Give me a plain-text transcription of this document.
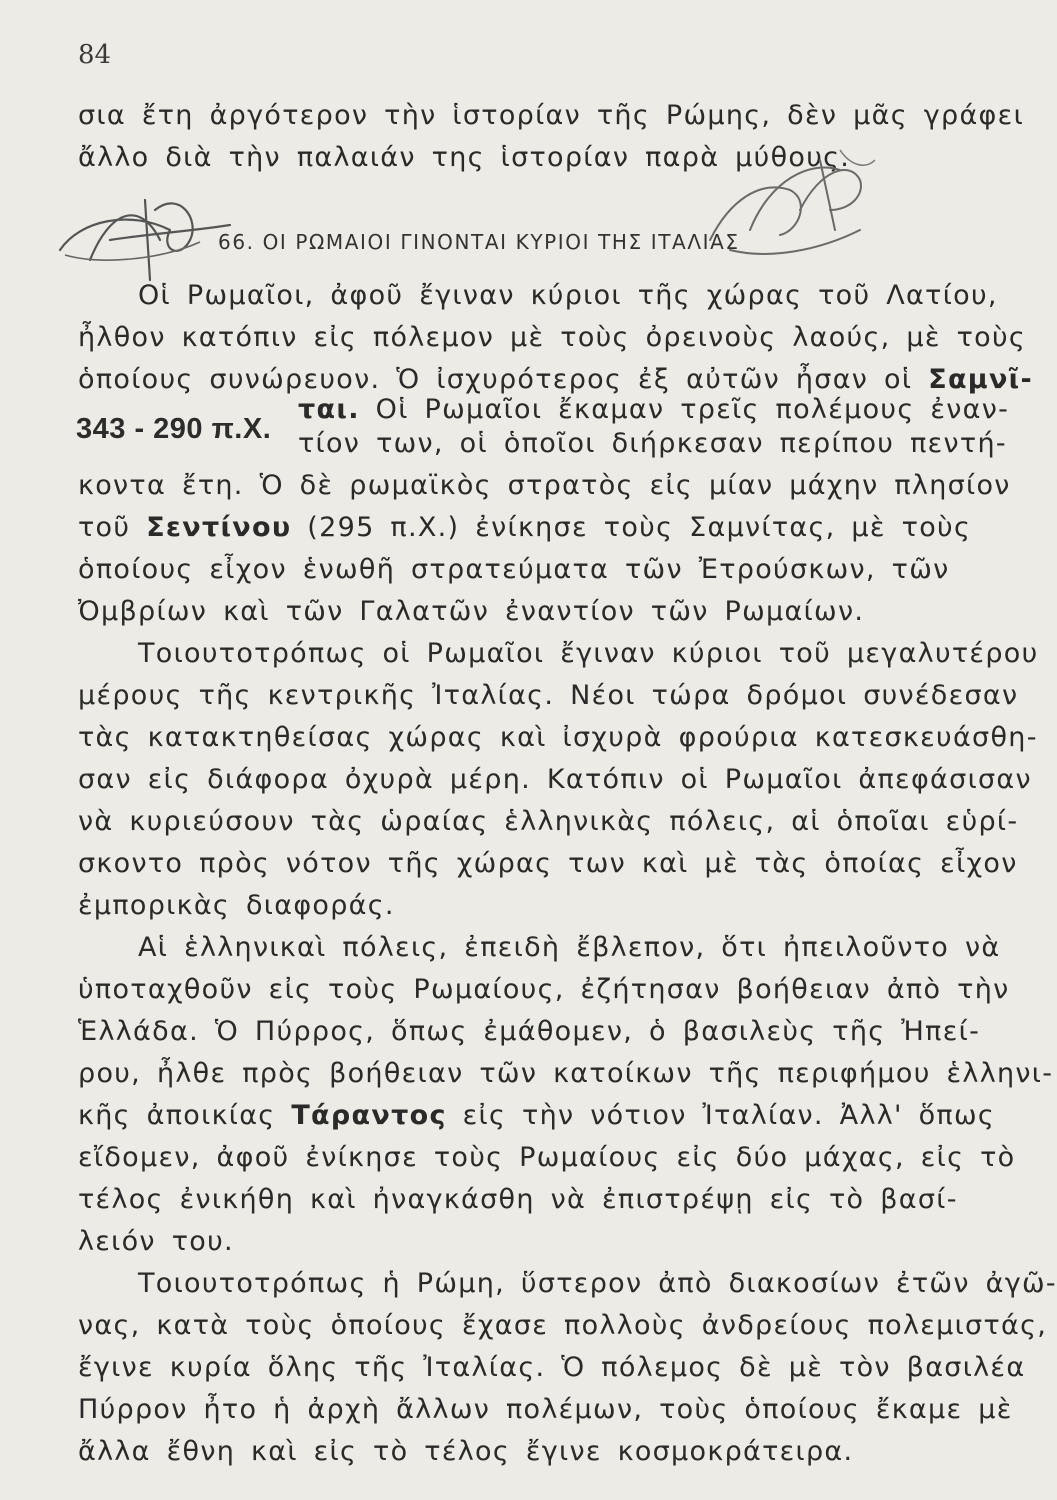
84
σια ἔτη ἀργότερον τὴν ἱστορίαν τῆς Ρώμης, δὲν μᾶς γράφει
ἄλλο διὰ τὴν παλαιάν της ἱστορίαν παρὰ μύθους.
66. ΟΙ ΡΩΜΑΙΟΙ ΓΙΝΟΝΤΑΙ ΚΥΡΙΟΙ ΤΗΣ ΙΤΑΛΙΑΣ
Οἱ Ρωμαῖοι, ἀφοῦ ἔγιναν κύριοι τῆς χώρας τοῦ Λατίου,
ἦλθον κατόπιν εἰς πόλεμον μὲ τοὺς ὀρεινοὺς λαούς, μὲ τοὺς
ὁποίους συνώρευον. Ὁ ἰσχυρότερος ἐξ αὐτῶν ἦσαν οἱ Σαμνῖ-
343 - 290 π.Χ.
ται. Οἱ Ρωμαῖοι ἔκαμαν τρεῖς πολέμους ἐναν-
τίον των, οἱ ὁποῖοι διήρκεσαν περίπου πεντή-
κοντα ἔτη. Ὁ δὲ ρωμαϊκὸς στρατὸς εἰς μίαν μάχην πλησίον
τοῦ Σεντίνου (295 π.Χ.) ἐνίκησε τοὺς Σαμνίτας, μὲ τοὺς
ὁποίους εἶχον ἑνωθῆ στρατεύματα τῶν Ἐτρούσκων, τῶν
Ὀμβρίων καὶ τῶν Γαλατῶν ἐναντίον τῶν Ρωμαίων.
Τοιουτοτρόπως οἱ Ρωμαῖοι ἔγιναν κύριοι τοῦ μεγαλυτέρου
μέρους τῆς κεντρικῆς Ἰταλίας. Νέοι τώρα δρόμοι συνέδεσαν
τὰς κατακτηθείσας χώρας καὶ ἰσχυρὰ φρούρια κατεσκευάσθη-
σαν εἰς διάφορα ὀχυρὰ μέρη. Κατόπιν οἱ Ρωμαῖοι ἀπεφάσισαν
νὰ κυριεύσουν τὰς ὡραίας ἑλληνικὰς πόλεις, αἱ ὁποῖαι εὑρί-
σκοντο πρὸς νότον τῆς χώρας των καὶ μὲ τὰς ὁποίας εἶχον
ἐμπορικὰς διαφοράς.
Αἱ ἑλληνικαὶ πόλεις, ἐπειδὴ ἔβλεπον, ὅτι ἠπειλοῦντο νὰ
ὑποταχθοῦν εἰς τοὺς Ρωμαίους, ἐζήτησαν βοήθειαν ἀπὸ τὴν
Ἑλλάδα. Ὁ Πύρρος, ὅπως ἐμάθομεν, ὁ βασιλεὺς τῆς Ἠπεί-
ρου, ἦλθε πρὸς βοήθειαν τῶν κατοίκων τῆς περιφήμου ἑλληνι-
κῆς ἀποικίας Τάραντος εἰς τὴν νότιον Ἰταλίαν. Ἀλλ' ὅπως
εἴδομεν, ἀφοῦ ἐνίκησε τοὺς Ρωμαίους εἰς δύο μάχας, εἰς τὸ
τέλος ἐνικήθη καὶ ἠναγκάσθη νὰ ἐπιστρέψῃ εἰς τὸ βασί-
λειόν του.
Τοιουτοτρόπως ἡ Ρώμη, ὕστερον ἀπὸ διακοσίων ἐτῶν ἀγῶ-
νας, κατὰ τοὺς ὁποίους ἔχασε πολλοὺς ἀνδρείους πολεμιστάς,
ἔγινε κυρία ὅλης τῆς Ἰταλίας. Ὁ πόλεμος δὲ μὲ τὸν βασιλέα
Πύρρον ἦτο ἡ ἀρχὴ ἄλλων πολέμων, τοὺς ὁποίους ἔκαμε μὲ
ἄλλα ἔθνη καὶ εἰς τὸ τέλος ἔγινε κοσμοκράτειρα.
